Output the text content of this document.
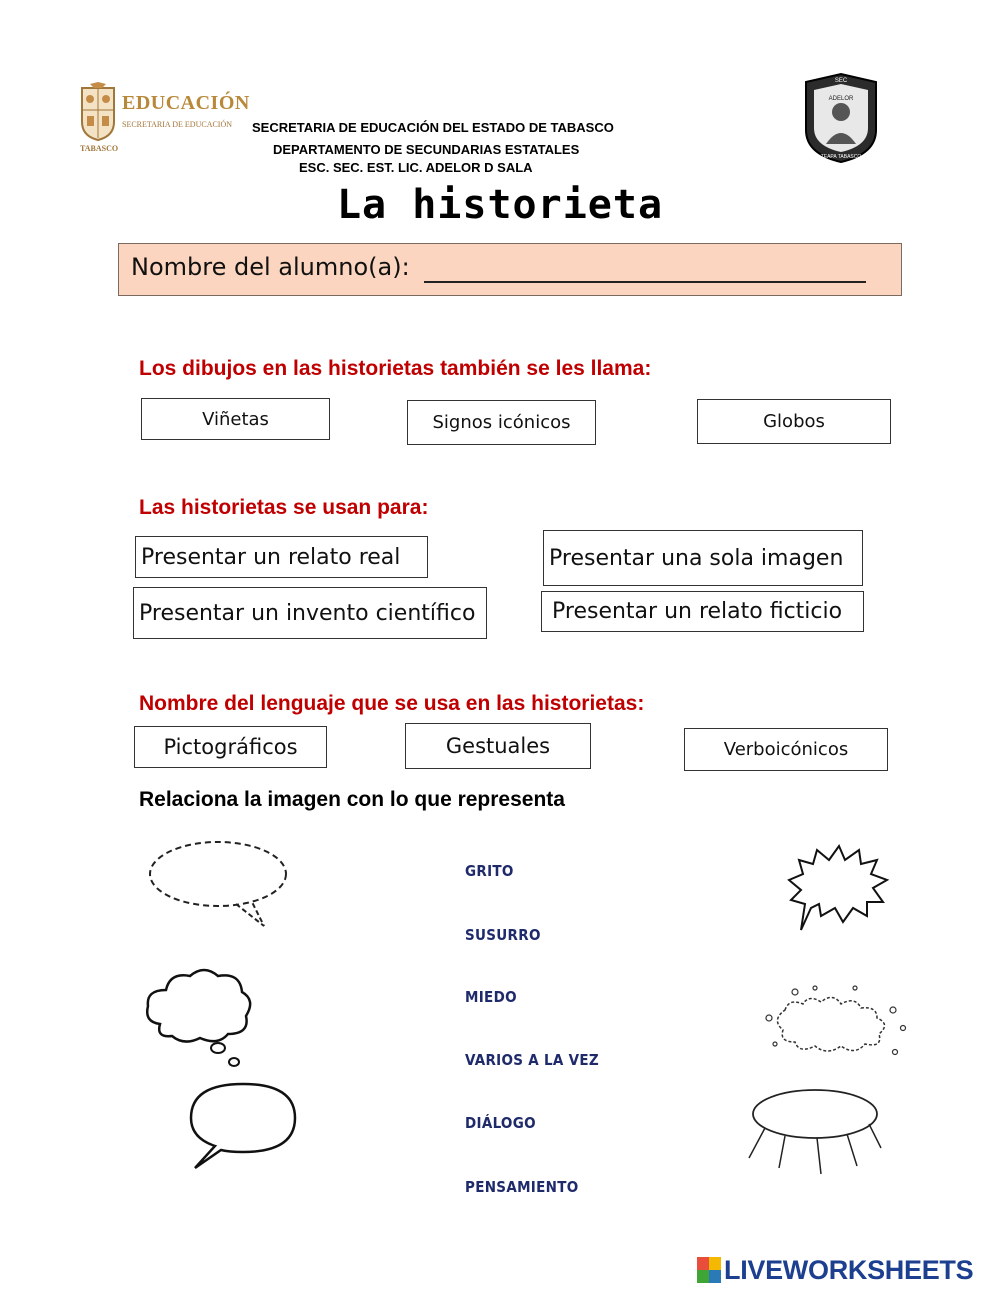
EDUCACIÓN
SECRETARIA DE EDUCACIÓN
TABASCO
SECRETARIA DE EDUCACIÓN DEL ESTADO DE TABASCO
DEPARTAMENTO DE SECUNDARIAS ESTATALES
ESC. SEC. EST. LIC. ADELOR D SALA
SEC
ADELOR
TEAPA TABASCO
La historieta
Nombre del alumno(a):
Los dibujos en las historietas también se les llama:
Viñetas	Signos icónicos	Globos
Las historietas se usan para:
Presentar un relato real	Presentar una sola imagen
Presentar un invento científico	Presentar un relato ficticio
Nombre del lenguaje que se usa en las historietas:
Pictográficos	Gestuales	Verboicónicos
Relaciona la imagen con lo que representa
GRITO
SUSURRO
MIEDO
VARIOS A LA VEZ
DIÁLOGO
PENSAMIENTO
LIVEWORKSHEETS
